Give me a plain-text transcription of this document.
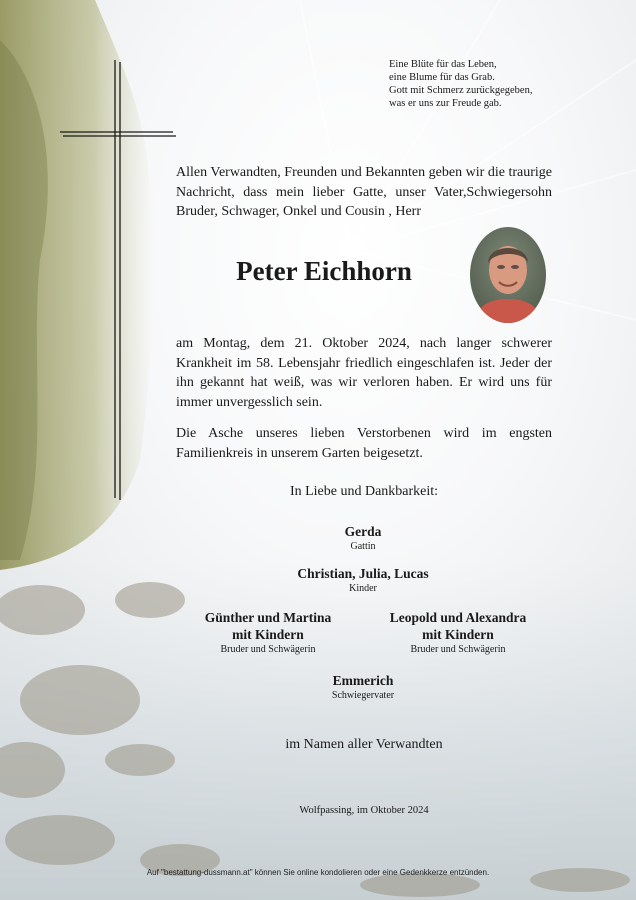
Eine Blüte für das Leben,
eine Blume für das Grab.
Gott mit Schmerz zurückgegeben,
was er uns zur Freude gab.
Allen Verwandten, Freunden und Bekannten geben wir die traurige Nachricht, dass mein lieber Gatte, unser Vater,Schwiegersohn Bruder, Schwager, Onkel und Cousin , Herr
Peter Eichhorn
am Montag, dem 21. Oktober 2024, nach langer schwerer Krankheit im 58. Lebensjahr friedlich eingeschlafen ist. Jeder der ihn gekannt hat weiß, was wir verloren haben. Er wird uns für immer unvergesslich sein.
Die Asche unseres lieben Verstorbenen wird im engsten Familienkreis in unserem Garten beigesetzt.
In Liebe und Dankbarkeit:
Gerda
Gattin
Christian, Julia, Lucas
Kinder
Günther und Martina
mit Kindern
Bruder und Schwägerin
Leopold und Alexandra
mit Kindern
Bruder und Schwägerin
Emmerich
Schwiegervater
im Namen aller Verwandten
Wolfpassing, im Oktober 2024
Auf "bestattung-dussmann.at" können Sie online kondolieren oder eine Gedenkkerze entzünden.
